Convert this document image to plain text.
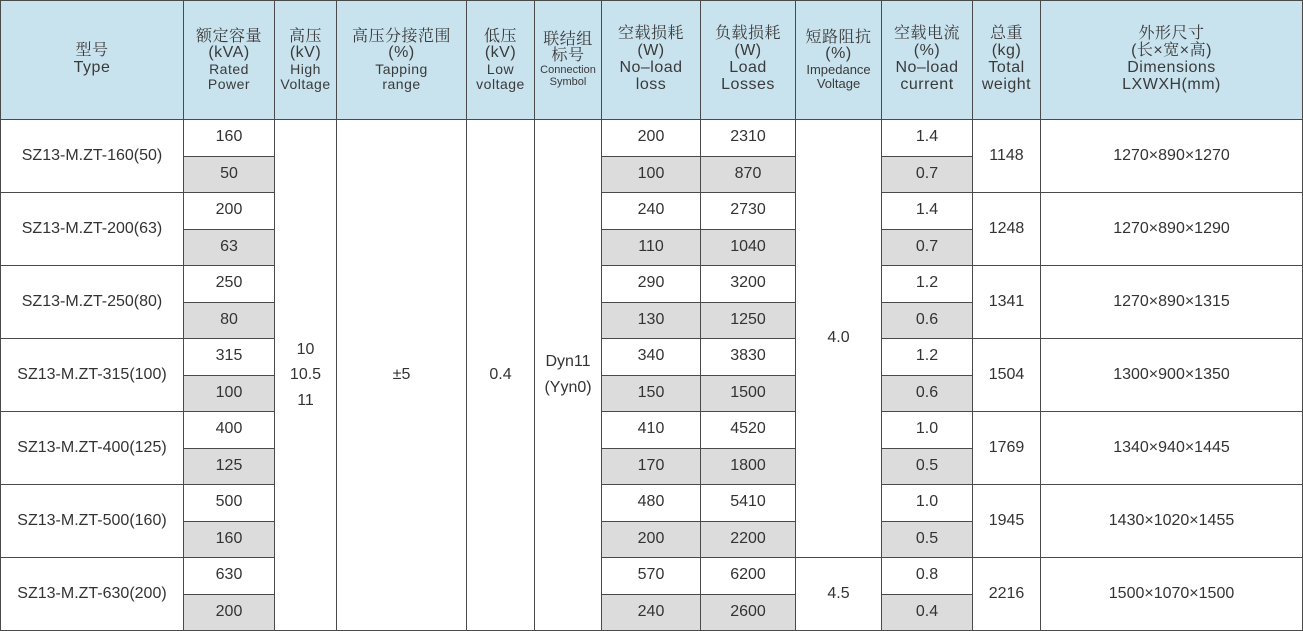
型号
Type	额定容量
(kVA)
Rated
Power	高压
(kV)
High
Voltage	高压分接范围
(%)
Tapping
range	低压
(kV)
Low
voltage	联结组
标号
Connection
Symbol	空载损耗
(W)
No–load
loss	负载损耗
(W)
Load
Losses	短路阻抗
(%)
Impedance
Voltage	空载电流
(%)
No–load
current	总重
(kg)
Total
weight	外形尺寸
(长×宽×高)
Dimensions
LXWXH(mm)

SZ13-M.ZT-160(50)	160	10
10.5
11	±5	0.4	Dyn11
(Yyn0)	200	2310	4.0	1.4	1148	1270×890×1270
	50					100	870		0.7		
SZ13-M.ZT-200(63)	200					240	2730		1.4	1248	1270×890×1290
	63					110	1040		0.7		
SZ13-M.ZT-250(80)	250					290	3200		1.2	1341	1270×890×1315
	80					130	1250		0.6		
SZ13-M.ZT-315(100)	315					340	3830		1.2	1504	1300×900×1350
	100					150	1500		0.6		
SZ13-M.ZT-400(125)	400					410	4520		1.0	1769	1340×940×1445
	125					170	1800		0.5		
SZ13-M.ZT-500(160)	500					480	5410		1.0	1945	1430×1020×1455
	160					200	2200		0.5		
SZ13-M.ZT-630(200)	630					570	6200	4.5	0.8	2216	1500×1070×1500
	200					240	2600		0.4		
